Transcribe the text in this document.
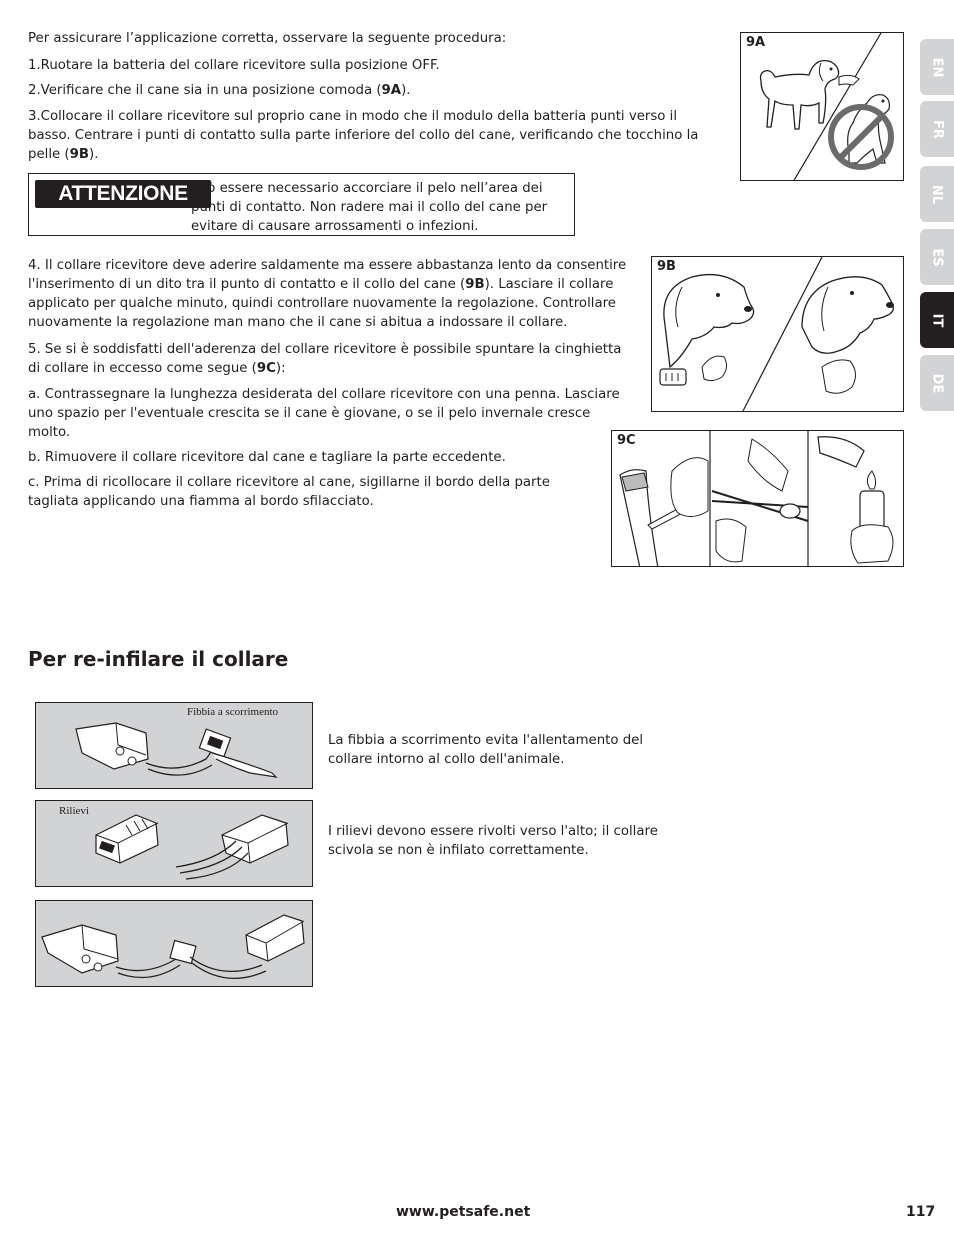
Per assicurare l’applicazione corretta, osservare la seguente procedura:
1.Ruotare la batteria del collare ricevitore sulla posizione OFF.
2.Verificare che il cane sia in una posizione comoda (9A).
3.Collocare il collare ricevitore sul proprio cane in modo che il modulo della batteria punti verso il basso. Centrare i punti di contatto sulla parte inferiore del collo del cane, verificando che tocchino la pelle (9B).
ATTENZIONE Può essere necessario accorciare il pelo nell’area dei punti di contatto. Non radere mai il collo del cane per evitare di causare arrossamenti o infezioni.
9A
9B
4. Il collare ricevitore deve aderire saldamente ma essere abbastanza lento da consentire l'inserimento di un dito tra il punto di contatto e il collo del cane (9B). Lasciare il collare applicato per qualche minuto, quindi controllare nuovamente la regolazione. Controllare nuovamente la regolazione man mano che il cane si abitua a indossare il collare.
5. Se si è soddisfatti dell'aderenza del collare ricevitore è possibile spuntare la cinghietta di collare in eccesso come segue (9C):
a. Contrassegnare la lunghezza desiderata del collare ricevitore con una penna. Lasciare uno spazio per l'eventuale crescita se il cane è giovane, o se il pelo invernale cresce molto.
b. Rimuovere il collare ricevitore dal cane e tagliare la parte eccedente.
c. Prima di ricollocare il collare ricevitore al cane, sigillarne il bordo della parte tagliata applicando una fiamma al bordo sfilacciato.
9C
EN
FR
NL
ES
IT
DE
Per re-infilare il collare
Fibbia a scorrimento
Rilievi
La fibbia a scorrimento evita l'allentamento del collare intorno al collo dell'animale.
I rilievi devono essere rivolti verso l'alto; il collare scivola se non è infilato correttamente.
www.petsafe.net	117
